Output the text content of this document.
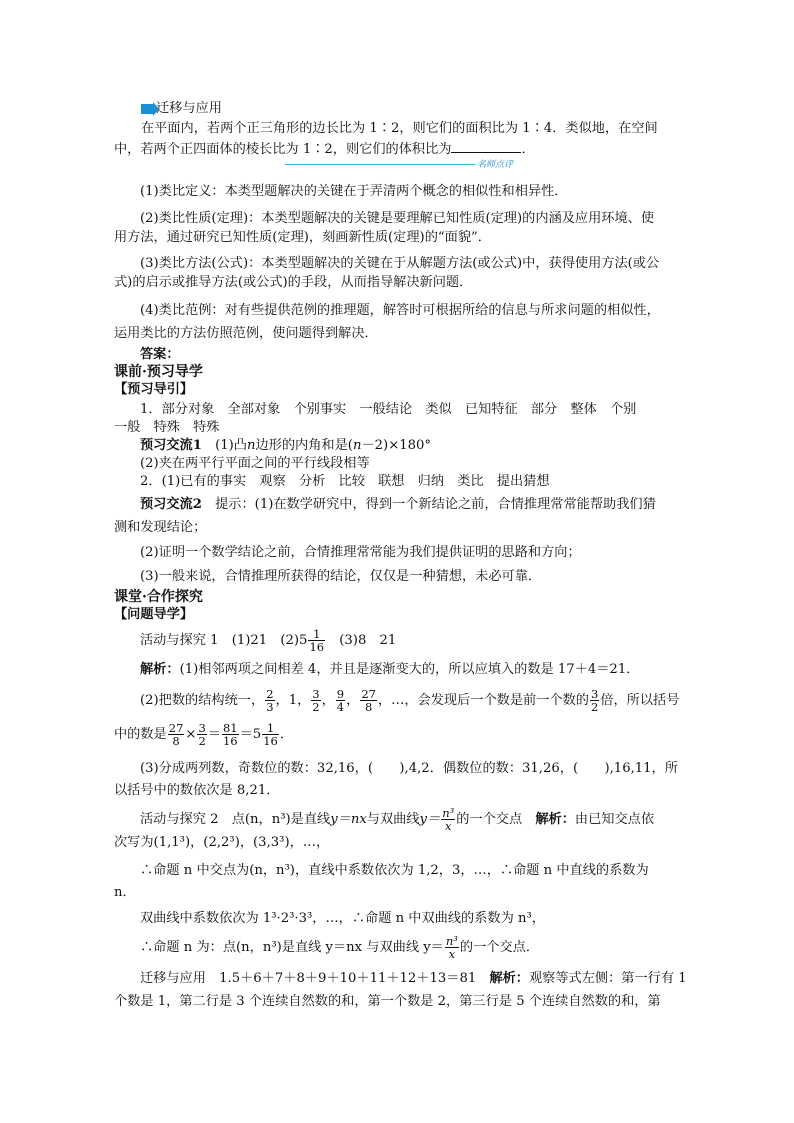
迁移与应用
在平面内，若两个正三角形的边长比为 1∶2，则它们的面积比为 1∶4．类似地，在空间
中，若两个正四面体的棱长比为 1∶2，则它们的体积比为	．
名师点评
(1)类比定义：本类型题解决的关键在于弄清两个概念的相似性和相异性．
(2)类比性质(定理)：本类型题解决的关键是要理解已知性质(定理)的内涵及应用环境、使
用方法，通过研究已知性质(定理)，刻画新性质(定理)的“面貌”．
(3)类比方法(公式)：本类型题解决的关键在于从解题方法(或公式)中，获得使用方法(或公
式)的启示或推导方法(或公式)的手段，从而指导解决新问题．
(4)类比范例：对有些提供范例的推理题，解答时可根据所给的信息与所求问题的相似性，
运用类比的方法仿照范例，使问题得到解决．
答案：
课前·预习导学
【预习导引】
1．部分对象　全部对象　个别事实　一般结论　类似　已知特征　部分　整体　个别
一般　特殊　特殊
预习交流1　 (1)凸n边形的内角和是(n－2)×180°
(2)夹在两平行平面之间的平行线段相等
2．(1)已有的事实　观察　分析　比较　联想　归纳　类比　提出猜想
预习交流2　 提示：(1)在数学研究中，得到一个新结论之前，合情推理常常能帮助我们猜
测和发现结论；
(2)证明一个数学结论之前，合情推理常常能为我们提供证明的思路和方向；
(3)一般来说，合情推理所获得的结论，仅仅是一种猜想，未必可靠．
课堂·合作探究
【问题导学】
活动与探究 1　(1)21　$(2)5 \frac{1}{16}$ 　(3)8　21
解析：(1)相邻两项之间相差 4，并且是逐渐变大的，所以应填入的数是 17＋4＝21．
(2)把数的结构统一， $\frac{2}{3}$ ，1， $\frac{3}{2}$ ， $\frac{9}{4}$ ， $\frac{27}{8}$ ，…，会发现后一个数是前一个数的 $\frac{3}{2}$ 倍，所以括号
中的数是 $\frac{27}{8} \times \frac{3}{2} = \frac{81}{16} =5 \frac{1}{16}$ ．
(3)分成两列数，奇数位的数：32,16，(　　),4,2．偶数位的数：31,26，(　　),16,11，所
以括号中的数依次是 8,21．
活动与探究 2　点(n，n³)是直线y＝nx与双曲线$y= \frac{\text{n³}}{x}$ 的一个交点　解析：由已知交点依
次写为(1,1³)，(2,2³)，(3,3³)，…，
∴命题 n 中交点为(n，n³)，直线中系数依次为 1,2，3，…，∴命题 n 中直线的系数为
n．
双曲线中系数依次为 1³·2³·3³，…，∴命题 n 中双曲线的系数为 n³，
∴命题 n 为：点(n，n³)是直线 y＝nx 与双曲线 $y= \frac{\text{n³}}{x}$ 的一个交点．
迁移与应用　1.5＋6＋7＋8＋9＋10＋11＋12＋13＝81　解析：观察等式左侧：第一行有 1
个数是 1，第二行是 3 个连续自然数的和，第一个数是 2，第三行是 5 个连续自然数的和，第
